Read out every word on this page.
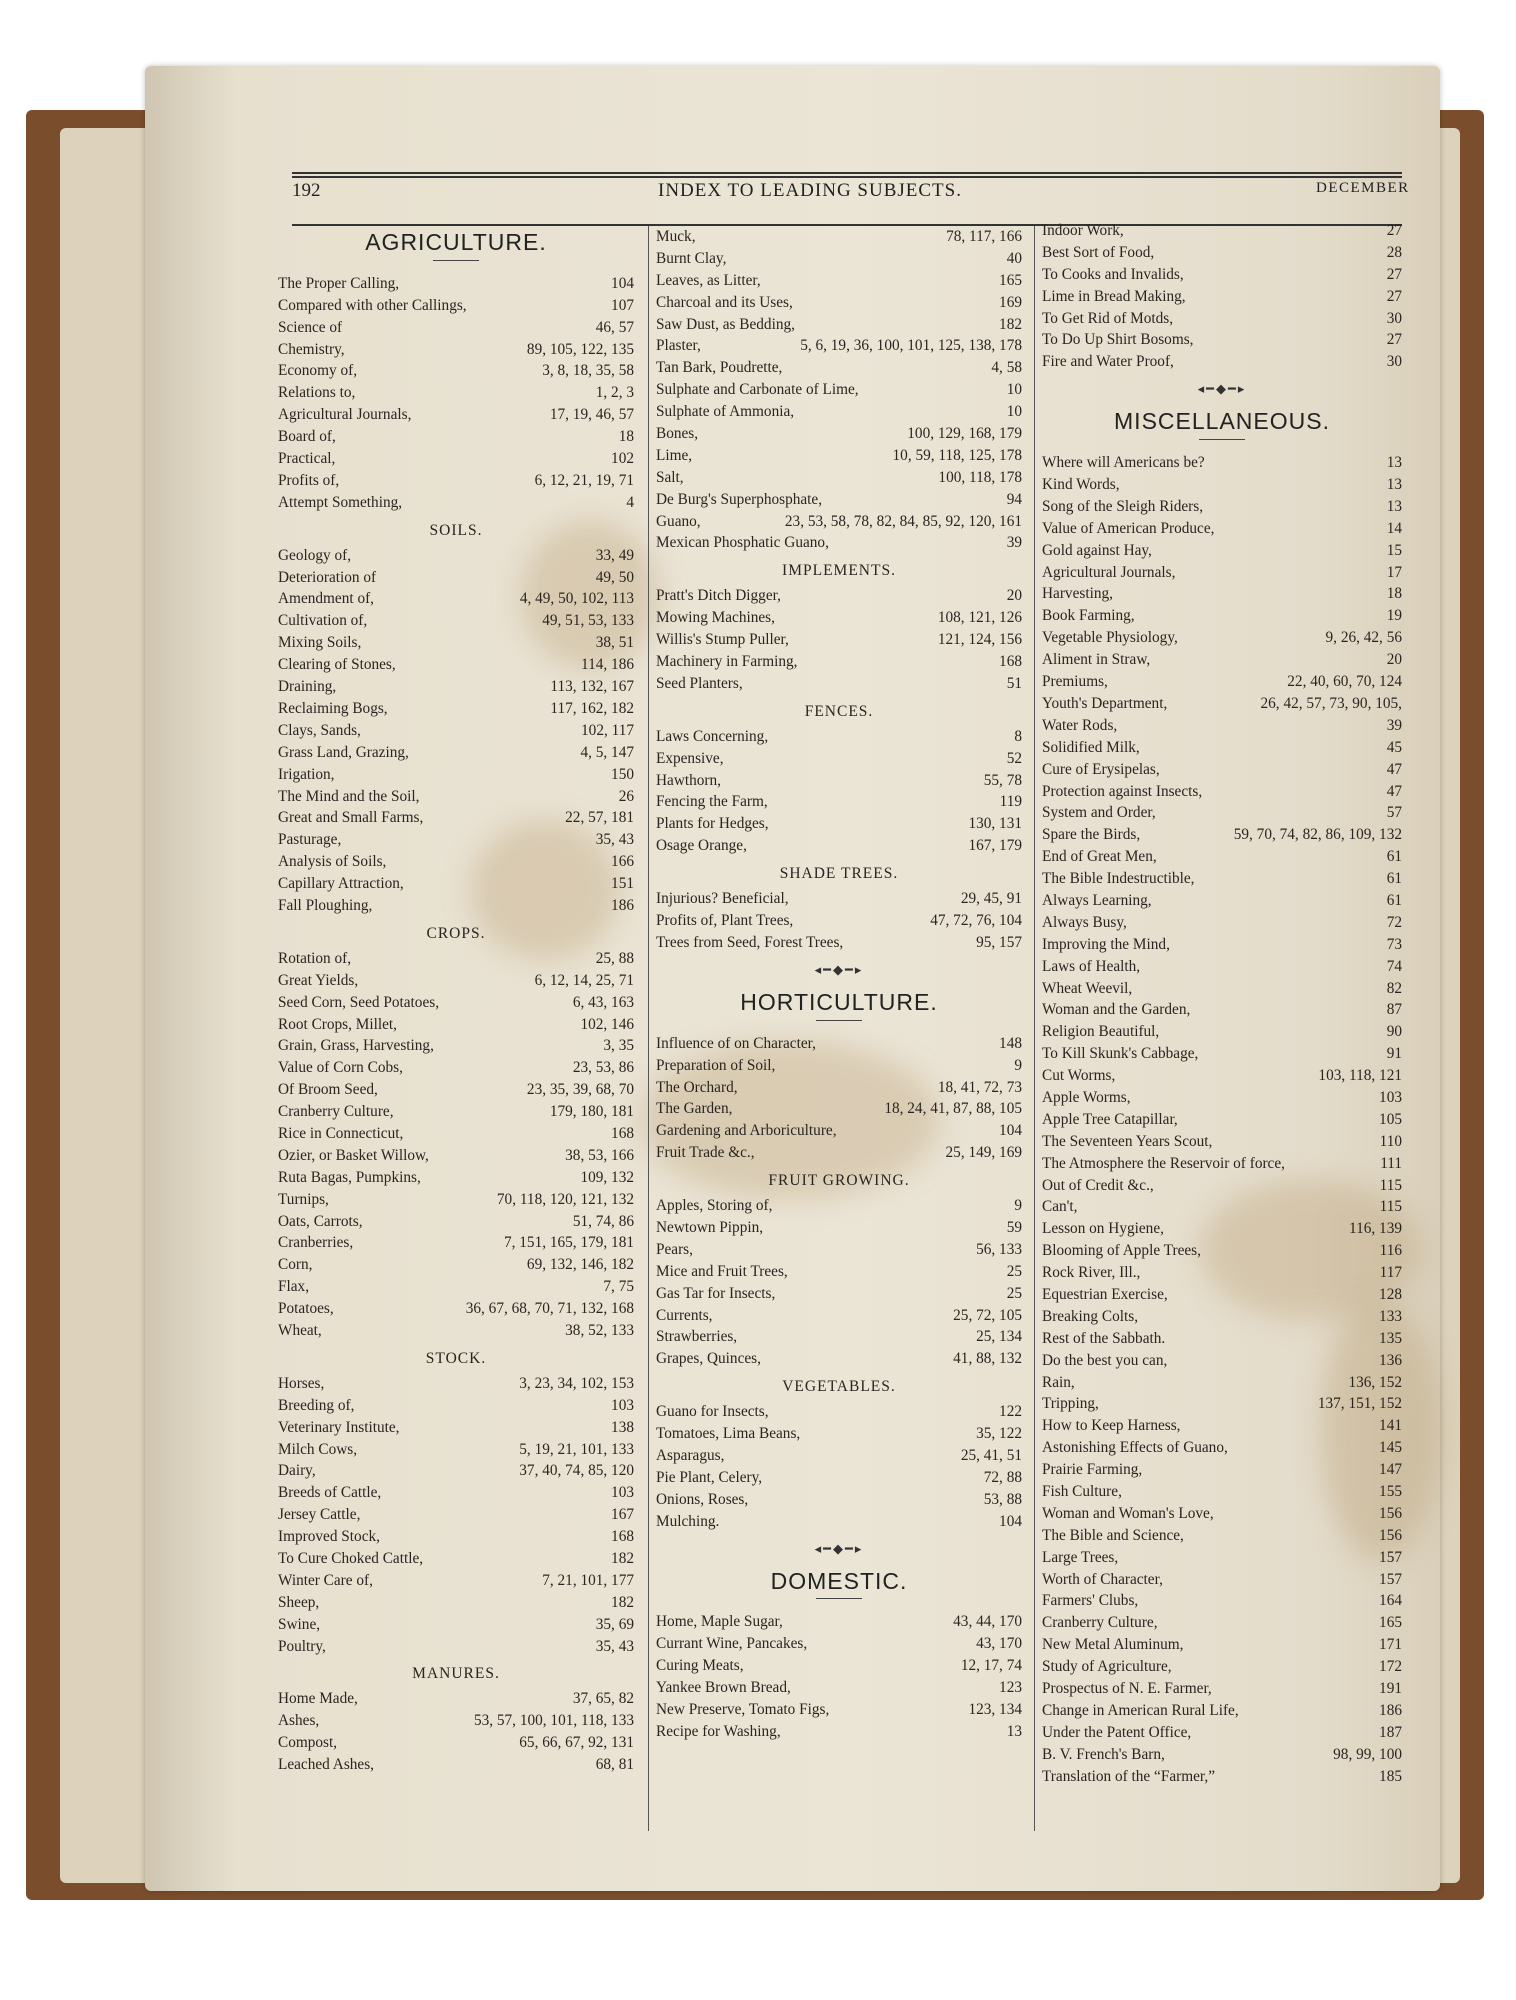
192	INDEX TO LEADING SUBJECTS.	DECEMBER
AGRICULTURE.
The Proper Calling,	104
Compared with other Callings,	107
Science of	46, 57
Chemistry,	89, 105, 122, 135
Economy of,	3, 8, 18, 35, 58
Relations to,	1, 2, 3
Agricultural Journals,	17, 19, 46, 57
Board of,	18
Practical,	102
Profits of,	6, 12, 21, 19, 71
Attempt Something,	4
SOILS.
Geology of,	33, 49
Deterioration of	49, 50
Amendment of,	4, 49, 50, 102, 113
Cultivation of,	49, 51, 53, 133
Mixing Soils,	38, 51
Clearing of Stones,	114, 186
Draining,	113, 132, 167
Reclaiming Bogs,	117, 162, 182
Clays, Sands,	102, 117
Grass Land, Grazing,	4, 5, 147
Irigation,	150
The Mind and the Soil,	26
Great and Small Farms,	22, 57, 181
Pasturage,	35, 43
Analysis of Soils,	166
Capillary Attraction,	151
Fall Ploughing,	186
CROPS.
Rotation of,	25, 88
Great Yields,	6, 12, 14, 25, 71
Seed Corn, Seed Potatoes,	6, 43, 163
Root Crops, Millet,	102, 146
Grain, Grass, Harvesting,	3, 35
Value of Corn Cobs,	23, 53, 86
Of Broom Seed,	23, 35, 39, 68, 70
Cranberry Culture,	179, 180, 181
Rice in Connecticut,	168
Ozier, or Basket Willow,	38, 53, 166
Ruta Bagas, Pumpkins,	109, 132
Turnips,	70, 118, 120, 121, 132
Oats, Carrots,	51, 74, 86
Cranberries,	7, 151, 165, 179, 181
Corn,	69, 132, 146, 182
Flax,	7, 75
Potatoes,	36, 67, 68, 70, 71, 132, 168
Wheat,	38, 52, 133
STOCK.
Horses,	3, 23, 34, 102, 153
Breeding of,	103
Veterinary Institute,	138
Milch Cows,	5, 19, 21, 101, 133
Dairy,	37, 40, 74, 85, 120
Breeds of Cattle,	103
Jersey Cattle,	167
Improved Stock,	168
To Cure Choked Cattle,	182
Winter Care of,	7, 21, 101, 177
Sheep,	182
Swine,	35, 69
Poultry,	35, 43
MANURES.
Home Made,	37, 65, 82
Ashes,	53, 57, 100, 101, 118, 133
Compost,	65, 66, 67, 92, 131
Leached Ashes,	68, 81
Muck,	78, 117, 166
Burnt Clay,	40
Leaves, as Litter,	165
Charcoal and its Uses,	169
Saw Dust, as Bedding,	182
Plaster,	5, 6, 19, 36, 100, 101, 125, 138, 178
Tan Bark, Poudrette,	4, 58
Sulphate and Carbonate of Lime,	10
Sulphate of Ammonia,	10
Bones,	100, 129, 168, 179
Lime,	10, 59, 118, 125, 178
Salt,	100, 118, 178
De Burg's Superphosphate,	94
Guano,	23, 53, 58, 78, 82, 84, 85, 92, 120, 161
Mexican Phosphatic Guano,	39
IMPLEMENTS.
Pratt's Ditch Digger,	20
Mowing Machines,	108, 121, 126
Willis's Stump Puller,	121, 124, 156
Machinery in Farming,	168
Seed Planters,	51
FENCES.
Laws Concerning,	8
Expensive,	52
Hawthorn,	55, 78
Fencing the Farm,	119
Plants for Hedges,	130, 131
Osage Orange,	167, 179
SHADE TREES.
Injurious? Beneficial,	29, 45, 91
Profits of, Plant Trees,	47, 72, 76, 104
Trees from Seed, Forest Trees,	95, 157
◂━◆━▸
HORTICULTURE.
Influence of on Character,	148
Preparation of Soil,	9
The Orchard,	18, 41, 72, 73
The Garden,	18, 24, 41, 87, 88, 105
Gardening and Arboriculture,	104
Fruit Trade &c.,	25, 149, 169
FRUIT GROWING.
Apples, Storing of,	9
Newtown Pippin,	59
Pears,	56, 133
Mice and Fruit Trees,	25
Gas Tar for Insects,	25
Currents,	25, 72, 105
Strawberries,	25, 134
Grapes, Quinces,	41, 88, 132
VEGETABLES.
Guano for Insects,	122
Tomatoes, Lima Beans,	35, 122
Asparagus,	25, 41, 51
Pie Plant, Celery,	72, 88
Onions, Roses,	53, 88
Mulching.	104
◂━◆━▸
DOMESTIC.
Home, Maple Sugar,	43, 44, 170
Currant Wine, Pancakes,	43, 170
Curing Meats,	12, 17, 74
Yankee Brown Bread,	123
New Preserve, Tomato Figs,	123, 134
Recipe for Washing,	13
Indoor Work,	27
Best Sort of Food,	28
To Cooks and Invalids,	27
Lime in Bread Making,	27
To Get Rid of Motds,	30
To Do Up Shirt Bosoms,	27
Fire and Water Proof,	30
◂━◆━▸
MISCELLANEOUS.
Where will Americans be?	13
Kind Words,	13
Song of the Sleigh Riders,	13
Value of American Produce,	14
Gold against Hay,	15
Agricultural Journals,	17
Harvesting,	18
Book Farming,	19
Vegetable Physiology,	9, 26, 42, 56
Aliment in Straw,	20
Premiums,	22, 40, 60, 70, 124
Youth's Department,	26, 42, 57, 73, 90, 105,
Water Rods,	39
Solidified Milk,	45
Cure of Erysipelas,	47
Protection against Insects,	47
System and Order,	57
Spare the Birds,	59, 70, 74, 82, 86, 109, 132
End of Great Men,	61
The Bible Indestructible,	61
Always Learning,	61
Always Busy,	72
Improving the Mind,	73
Laws of Health,	74
Wheat Weevil,	82
Woman and the Garden,	87
Religion Beautiful,	90
To Kill Skunk's Cabbage,	91
Cut Worms,	103, 118, 121
Apple Worms,	103
Apple Tree Catapillar,	105
The Seventeen Years Scout,	110
The Atmosphere the Reservoir of force,	111
Out of Credit &c.,	115
Can't,	115
Lesson on Hygiene,	116, 139
Blooming of Apple Trees,	116
Rock River, Ill.,	117
Equestrian Exercise,	128
Breaking Colts,	133
Rest of the Sabbath.	135
Do the best you can,	136
Rain,	136, 152
Tripping,	137, 151, 152
How to Keep Harness,	141
Astonishing Effects of Guano,	145
Prairie Farming,	147
Fish Culture,	155
Woman and Woman's Love,	156
The Bible and Science,	156
Large Trees,	157
Worth of Character,	157
Farmers' Clubs,	164
Cranberry Culture,	165
New Metal Aluminum,	171
Study of Agriculture,	172
Prospectus of N. E. Farmer,	191
Change in American Rural Life,	186
Under the Patent Office,	187
B. V. French's Barn,	98, 99, 100
Translation of the “Farmer,”	185
